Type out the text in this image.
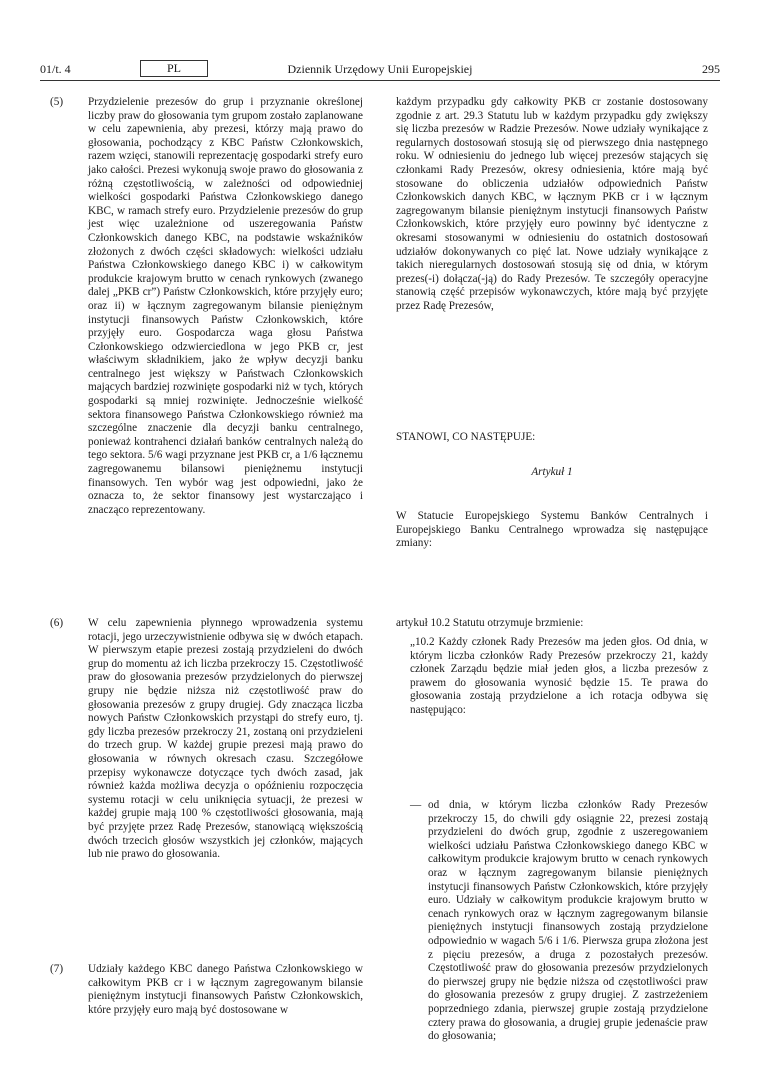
01/t. 4	PL	Dziennik Urzędowy Unii Europejskiej	295
(5) Przydzielenie prezesów do grup i przyznanie określonej liczby praw do głosowania tym grupom zostało zaplanowane w celu zapewnienia, aby prezesi, którzy mają prawo do głosowania, pochodzący z KBC Państw Członkowskich, razem wzięci, stanowili reprezentację gospodarki strefy euro jako całości. Prezesi wykonują swoje prawo do głosowania z różną częstotliwością, w zależności od odpowiedniej wielkości gospodarki Państwa Członkowskiego danego KBC, w ramach strefy euro. Przydzielenie prezesów do grup jest więc uzależnione od uszeregowania Państw Członkowskich danego KBC, na podstawie wskaźników złożonych z dwóch części składowych: wielkości udziału Państwa Członkowskiego danego KBC i) w całkowitym produkcie krajowym brutto w cenach rynkowych (zwanego dalej „PKB cr”) Państw Członkowskich, które przyjęły euro; oraz ii) w łącznym zagregowanym bilansie pieniężnym instytucji finansowych Państw Członkowskich, które przyjęły euro. Gospodarcza waga głosu Państwa Członkowskiego odzwierciedlona w jego PKB cr, jest właściwym składnikiem, jako że wpływ decyzji banku centralnego jest większy w Państwach Członkowskich mających bardziej rozwinięte gospodarki niż w tych, których gospodarki są mniej rozwinięte. Jednocześnie wielkość sektora finansowego Państwa Członkowskiego również ma szczególne znaczenie dla decyzji banku centralnego, ponieważ kontrahenci działań banków centralnych należą do tego sektora. 5/6 wagi przyznane jest PKB cr, a 1/6 łącznemu zagregowanemu bilansowi pieniężnemu instytucji finansowych. Ten wybór wag jest odpowiedni, jako że oznacza to, że sektor finansowy jest wystarczająco i znacząco reprezentowany.
(6) W celu zapewnienia płynnego wprowadzenia systemu rotacji, jego urzeczywistnienie odbywa się w dwóch etapach. W pierwszym etapie prezesi zostają przydzieleni do dwóch grup do momentu aż ich liczba przekroczy 15. Częstotliwość praw do głosowania prezesów przydzielonych do pierwszej grupy nie będzie niższa niż częstotliwość praw do głosowania prezesów z grupy drugiej. Gdy znacząca liczba nowych Państw Członkowskich przystąpi do strefy euro, tj. gdy liczba prezesów przekroczy 21, zostaną oni przydzieleni do trzech grup. W każdej grupie prezesi mają prawo do głosowania w równych okresach czasu. Szczegółowe przepisy wykonawcze dotyczące tych dwóch zasad, jak również każda możliwa decyzja o opóźnieniu rozpoczęcia systemu rotacji w celu uniknięcia sytuacji, że prezesi w każdej grupie mają 100 % częstotliwości głosowania, mają być przyjęte przez Radę Prezesów, stanowiącą większością dwóch trzecich głosów wszystkich jej członków, mających lub nie prawo do głosowania.
(7) Udziały każdego KBC danego Państwa Członkowskiego w całkowitym PKB cr i w łącznym zagregowanym bilansie pieniężnym instytucji finansowych Państw Członkowskich, które przyjęły euro mają być dostosowane w
każdym przypadku gdy całkowity PKB cr zostanie dostosowany zgodnie z art. 29.3 Statutu lub w każdym przypadku gdy zwiększy się liczba prezesów w Radzie Prezesów. Nowe udziały wynikające z regularnych dostosowań stosują się od pierwszego dnia następnego roku. W odniesieniu do jednego lub więcej prezesów stających się członkami Rady Prezesów, okresy odniesienia, które mają być stosowane do obliczenia udziałów odpowiednich Państw Członkowskich danych KBC, w łącznym PKB cr i w łącznym zagregowanym bilansie pieniężnym instytucji finansowych Państw Członkowskich, które przyjęły euro powinny być identyczne z okresami stosowanymi w odniesieniu do ostatnich dostosowań udziałów dokonywanych co pięć lat. Nowe udziały wynikające z takich nieregularnych dostosowań stosują się od dnia, w którym prezes(-i) dołącza(-ją) do Rady Prezesów. Te szczegóły operacyjne stanowią część przepisów wykonawczych, które mają być przyjęte przez Radę Prezesów,
STANOWI, CO NASTĘPUJE:
Artykuł 1
W Statucie Europejskiego Systemu Banków Centralnych i Europejskiego Banku Centralnego wprowadza się następujące zmiany:
artykuł 10.2 Statutu otrzymuje brzmienie:
„10.2 Każdy członek Rady Prezesów ma jeden głos. Od dnia, w którym liczba członków Rady Prezesów przekroczy 21, każdy członek Zarządu będzie miał jeden głos, a liczba prezesów z prawem do głosowania wynosić będzie 15. Te prawa do głosowania zostają przydzielone a ich rotacja odbywa się następująco:
— od dnia, w którym liczba członków Rady Prezesów przekroczy 15, do chwili gdy osiągnie 22, prezesi zostają przydzieleni do dwóch grup, zgodnie z uszeregowaniem wielkości udziału Państwa Członkowskiego danego KBC w całkowitym produkcie krajowym brutto w cenach rynkowych oraz w łącznym zagregowanym bilansie pieniężnych instytucji finansowych Państw Członkowskich, które przyjęły euro. Udziały w całkowitym produkcie krajowym brutto w cenach rynkowych oraz w łącznym zagregowanym bilansie pieniężnych instytucji finansowych zostają przydzielone odpowiednio w wagach 5/6 i 1/6. Pierwsza grupa złożona jest z pięciu prezesów, a druga z pozostałych prezesów. Częstotliwość praw do głosowania prezesów przydzielonych do pierwszej grupy nie będzie niższa od częstotliwości praw do głosowania prezesów z grupy drugiej. Z zastrzeżeniem poprzedniego zdania, pierwszej grupie zostają przydzielone cztery prawa do głosowania, a drugiej grupie jedenaście praw do głosowania;
